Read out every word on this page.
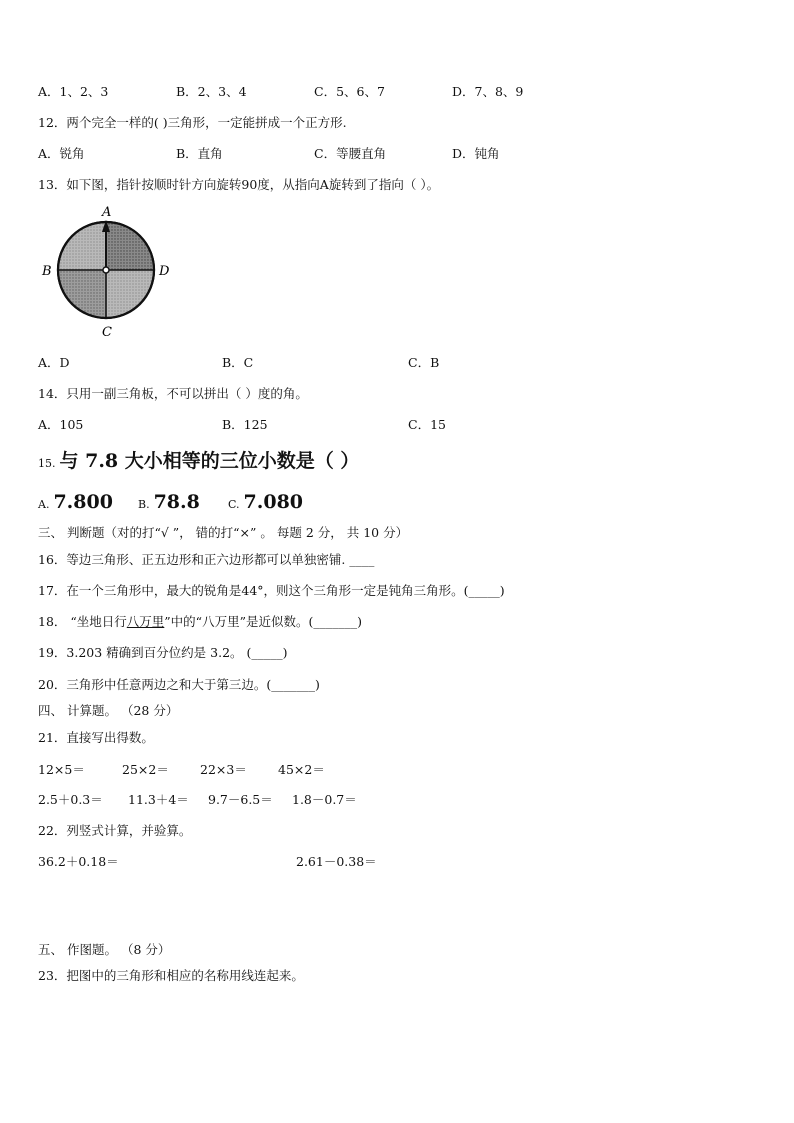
A．1、2、3	B．2、3、4	C．5、6、7	D．7、8、9
12．两个完全一样的( )三角形，一定能拼成一个正方形.
A．锐角	B．直角	C．等腰直角	D．钝角
13．如下图，指针按顺时针方向旋转90度，从指向A旋转到了指向（ ）。
A
B	D
C
A．D	B．C	C．B
14．只用一副三角板，不可以拼出（ ）度的角。
A．105	B．125	C．15
15. 与 7.8 大小相等的三位小数是（ ）
A. 7.800 B. 78.8	C. 7.080
三、 判断题（对的打“√ ”， 错的打“×” 。 每题 2 分， 共 10 分）
16．等边三角形、正五边形和正六边形都可以单独密铺. ____
17．在一个三角形中，最大的锐角是44°，则这个三角形一定是钝角三角形。(_____)
18． “坐地日行八万里”中的“八万里”是近似数。(_______)
19．3.203 精确到百分位约是 3.2。 (_____)
20．三角形中任意两边之和大于第三边。(_______)
四、 计算题。 （28 分）
21．直接写出得数。
12×5＝	25×2＝ 22×3＝ 45×2＝
2.5＋0.3＝ 11.3＋4＝ 9.7－6.5＝ 1.8－0.7＝
22．列竖式计算，并验算。
36.2＋0.18＝	2.61－0.38＝
五、 作图题。 （8 分）
23．把图中的三角形和相应的名称用线连起来。
